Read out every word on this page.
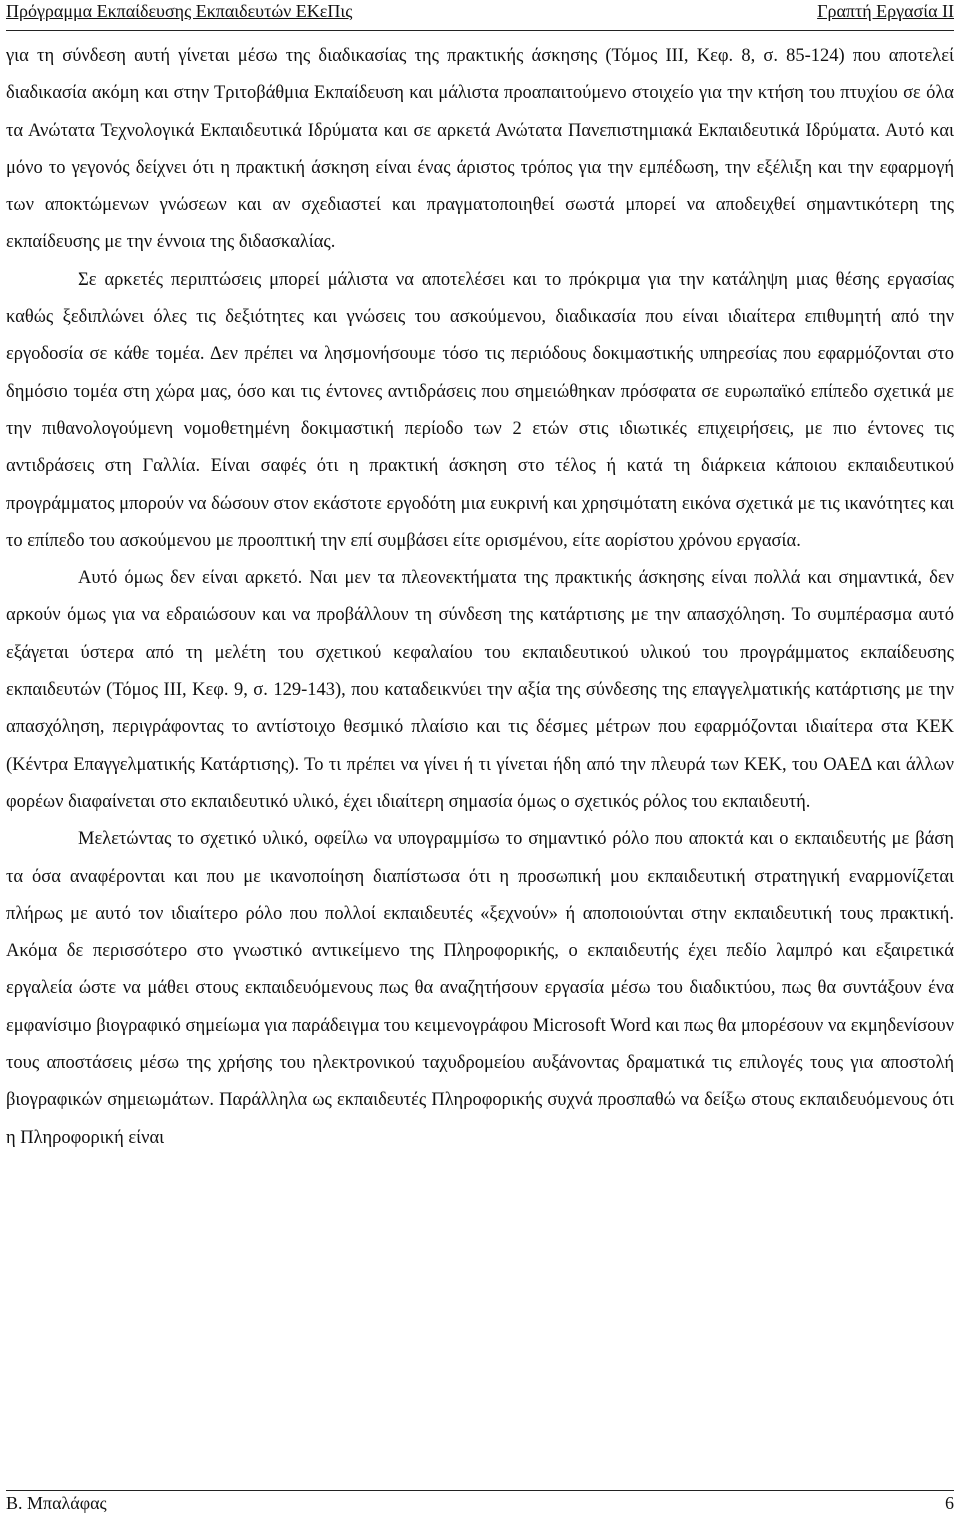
Πρόγραμμα Εκπαίδευσης Εκπαιδευτών ΕΚεΠις	Γραπτή Εργασία ΙΙ

για τη σύνδεση αυτή γίνεται μέσω της διαδικασίας της πρακτικής άσκησης (Τόμος ΙΙΙ, Κεφ. 8, σ. 85-124) που αποτελεί διαδικασία ακόμη και στην Τριτοβάθμια Εκπαίδευση και μάλιστα προαπαιτούμενο στοιχείο για την κτήση του πτυχίου σε όλα τα Ανώτατα Τεχνολογικά Εκπαιδευτικά Ιδρύματα και σε αρκετά Ανώτατα Πανεπιστημιακά Εκπαιδευτικά Ιδρύματα. Αυτό και μόνο το γεγονός δείχνει ότι η πρακτική άσκηση είναι ένας άριστος τρόπος για την εμπέδωση, την εξέλιξη και την εφαρμογή των αποκτώμενων γνώσεων και αν σχεδιαστεί και πραγματοποιηθεί σωστά μπορεί να αποδειχθεί σημαντικότερη της εκπαίδευσης με την έννοια της διδασκαλίας.

Σε αρκετές περιπτώσεις μπορεί μάλιστα να αποτελέσει και το πρόκριμα για την κατάληψη μιας θέσης εργασίας καθώς ξεδιπλώνει όλες τις δεξιότητες και γνώσεις του ασκούμενου, διαδικασία που είναι ιδιαίτερα επιθυμητή από την εργοδοσία σε κάθε τομέα. Δεν πρέπει να λησμονήσουμε τόσο τις περιόδους δοκιμαστικής υπηρεσίας που εφαρμόζονται στο δημόσιο τομέα στη χώρα μας, όσο και τις έντονες αντιδράσεις που σημειώθηκαν πρόσφατα σε ευρωπαϊκό επίπεδο σχετικά με την πιθανολογούμενη νομοθετημένη δοκιμαστική περίοδο των 2 ετών στις ιδιωτικές επιχειρήσεις, με πιο έντονες τις αντιδράσεις στη Γαλλία. Είναι σαφές ότι η πρακτική άσκηση στο τέλος ή κατά τη διάρκεια κάποιου εκπαιδευτικού προγράμματος μπορούν να δώσουν στον εκάστοτε εργοδότη μια ευκρινή και χρησιμότατη εικόνα σχετικά με τις ικανότητες και το επίπεδο του ασκούμενου με προοπτική την επί συμβάσει είτε ορισμένου, είτε αορίστου χρόνου εργασία.

Αυτό όμως δεν είναι αρκετό. Ναι μεν τα πλεονεκτήματα της πρακτικής άσκησης είναι πολλά και σημαντικά, δεν αρκούν όμως για να εδραιώσουν και να προβάλλουν τη σύνδεση της κατάρτισης με την απασχόληση. Το συμπέρασμα αυτό εξάγεται ύστερα από τη μελέτη του σχετικού κεφαλαίου του εκπαιδευτικού υλικού του προγράμματος εκπαίδευσης εκπαιδευτών (Τόμος ΙΙΙ, Κεφ. 9, σ. 129-143), που καταδεικνύει την αξία της σύνδεσης της επαγγελματικής κατάρτισης με την απασχόληση, περιγράφοντας το αντίστοιχο θεσμικό πλαίσιο και τις δέσμες μέτρων που εφαρμόζονται ιδιαίτερα στα ΚΕΚ (Κέντρα Επαγγελματικής Κατάρτισης). Το τι πρέπει να γίνει ή τι γίνεται ήδη από την πλευρά των ΚΕΚ, του ΟΑΕΔ και άλλων φορέων διαφαίνεται στο εκπαιδευτικό υλικό, έχει ιδιαίτερη σημασία όμως ο σχετικός ρόλος του εκπαιδευτή.

Μελετώντας το σχετικό υλικό, οφείλω να υπογραμμίσω το σημαντικό ρόλο που αποκτά και ο εκπαιδευτής με βάση τα όσα αναφέρονται και που με ικανοποίηση διαπίστωσα ότι η προσωπική μου εκπαιδευτική στρατηγική εναρμονίζεται πλήρως με αυτό τον ιδιαίτερο ρόλο που πολλοί εκπαιδευτές «ξεχνούν» ή αποποιούνται στην εκπαιδευτική τους πρακτική. Ακόμα δε περισσότερο στο γνωστικό αντικείμενο της Πληροφορικής, ο εκπαιδευτής έχει πεδίο λαμπρό και εξαιρετικά εργαλεία ώστε να μάθει στους εκπαιδευόμενους πως θα αναζητήσουν εργασία μέσω του διαδικτύου, πως θα συντάξουν ένα εμφανίσιμο βιογραφικό σημείωμα για παράδειγμα του κειμενογράφου Microsoft Word και πως θα μπορέσουν να εκμηδενίσουν τους αποστάσεις μέσω της χρήσης του ηλεκτρονικού ταχυδρομείου αυξάνοντας δραματικά τις επιλογές τους για αποστολή βιογραφικών σημειωμάτων. Παράλληλα ως εκπαιδευτές Πληροφορικής συχνά προσπαθώ να δείξω στους εκπαιδευόμενους ότι η Πληροφορική είναι

Β. Μπαλάφας	6
